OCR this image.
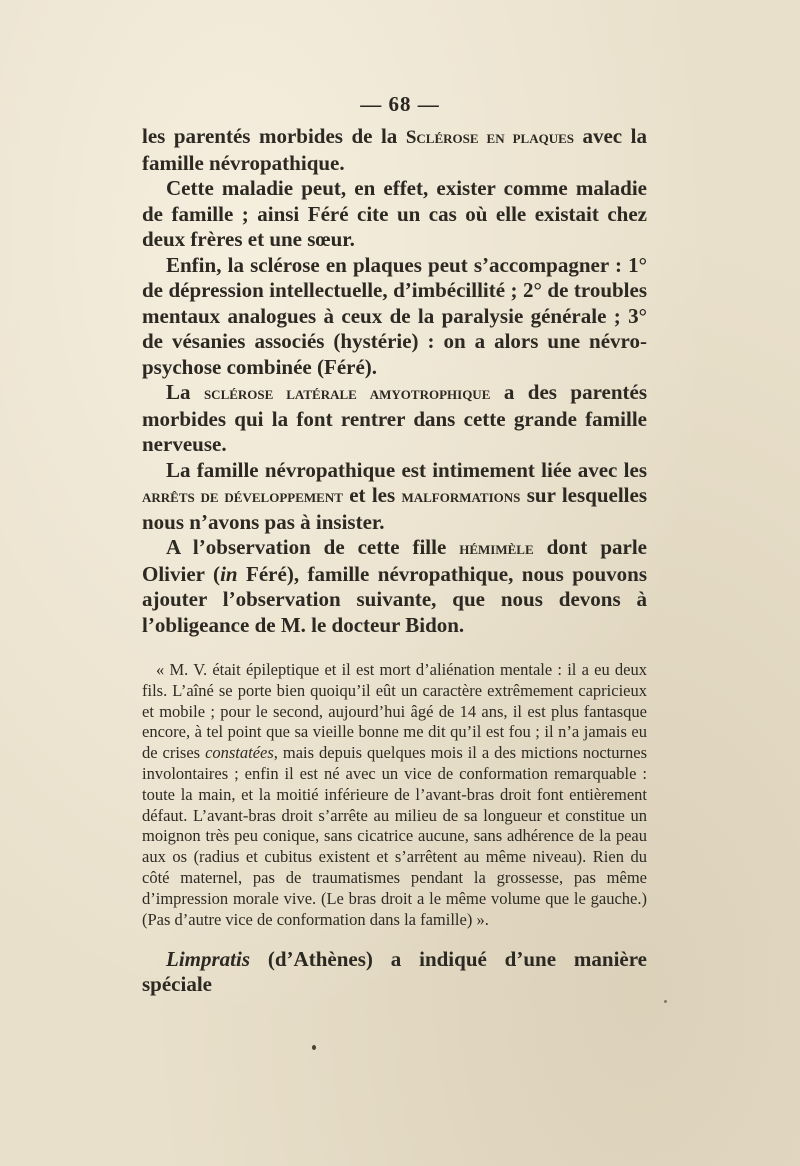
— 68 —

les parentés morbides de la Sclérose en plaques avec la famille névropathique.

Cette maladie peut, en effet, exister comme maladie de famille ; ainsi Féré cite un cas où elle existait chez deux frères et une sœur.

Enfin, la sclérose en plaques peut s’accompagner : 1° de dépression intellectuelle, d’imbécillité ; 2° de troubles mentaux analogues à ceux de la paralysie générale ; 3° de vésanies associés (hystérie) : on a alors une névro-psychose combinée (Féré).

La sclérose latérale amyotrophique a des parentés morbides qui la font rentrer dans cette grande famille nerveuse.

La famille névropathique est intimement liée avec les arrêts de développement et les malformations sur lesquelles nous n’avons pas à insister.

A l’observation de cette fille hémimèle dont parle Olivier (in Féré), famille névropathique, nous pouvons ajouter l’observation suivante, que nous devons à l’obligeance de M. le docteur Bidon.

« M. V. était épileptique et il est mort d’aliénation mentale : il a eu deux fils. L’aîné se porte bien quoiqu’il eût un caractère extrêmement capricieux et mobile ; pour le second, aujourd’hui âgé de 14 ans, il est plus fantasque encore, à tel point que sa vieille bonne me dit qu’il est fou ; il n’a jamais eu de crises constatées, mais depuis quelques mois il a des mictions nocturnes involontaires ; enfin il est né avec un vice de conformation remarquable : toute la main, et la moitié inférieure de l’avant-bras droit font entièrement défaut. L’avant-bras droit s’arrête au milieu de sa longueur et constitue un moignon très peu conique, sans cicatrice aucune, sans adhérence de la peau aux os (radius et cubitus existent et s’arrêtent au même niveau). Rien du côté maternel, pas de traumatismes pendant la grossesse, pas même d’impression morale vive. (Le bras droit a le même volume que le gauche.) (Pas d’autre vice de conformation dans la famille) ».

Limpratis (d’Athènes) a indiqué d’une manière spéciale
